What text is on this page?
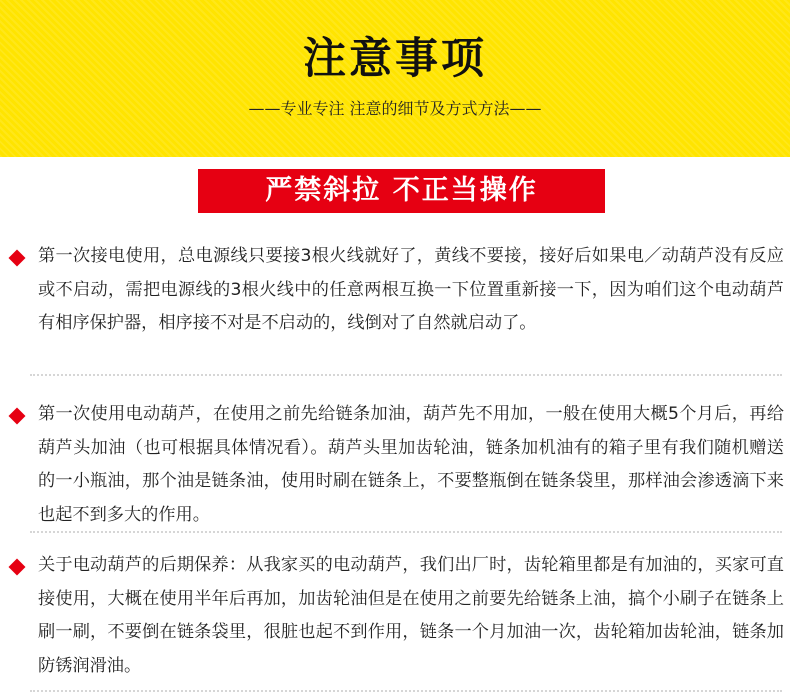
注意事项
——专业专注 注意的细节及方式方法——
严禁斜拉 不正当操作
第一次接电使用，总电源线只要接3根火线就好了，黄线不要接，接好后如果电／动葫芦没有反应或不启动，需把电源线的3根火线中的任意两根互换一下位置重新接一下，因为咱们这个电动葫芦有相序保护器，相序接不对是不启动的，线倒对了自然就启动了。
第一次使用电动葫芦，在使用之前先给链条加油，葫芦先不用加，一般在使用大概5个月后，再给葫芦头加油（也可根据具体情况看）。葫芦头里加齿轮油，链条加机油有的箱子里有我们随机赠送的一小瓶油，那个油是链条油，使用时刷在链条上，不要整瓶倒在链条袋里，那样油会渗透滴下来也起不到多大的作用。
关于电动葫芦的后期保养：从我家买的电动葫芦，我们出厂时，齿轮箱里都是有加油的，买家可直接使用，大概在使用半年后再加，加齿轮油但是在使用之前要先给链条上油，搞个小刷子在链条上刷一刷，不要倒在链条袋里，很脏也起不到作用，链条一个月加油一次，齿轮箱加齿轮油，链条加防锈润滑油。
